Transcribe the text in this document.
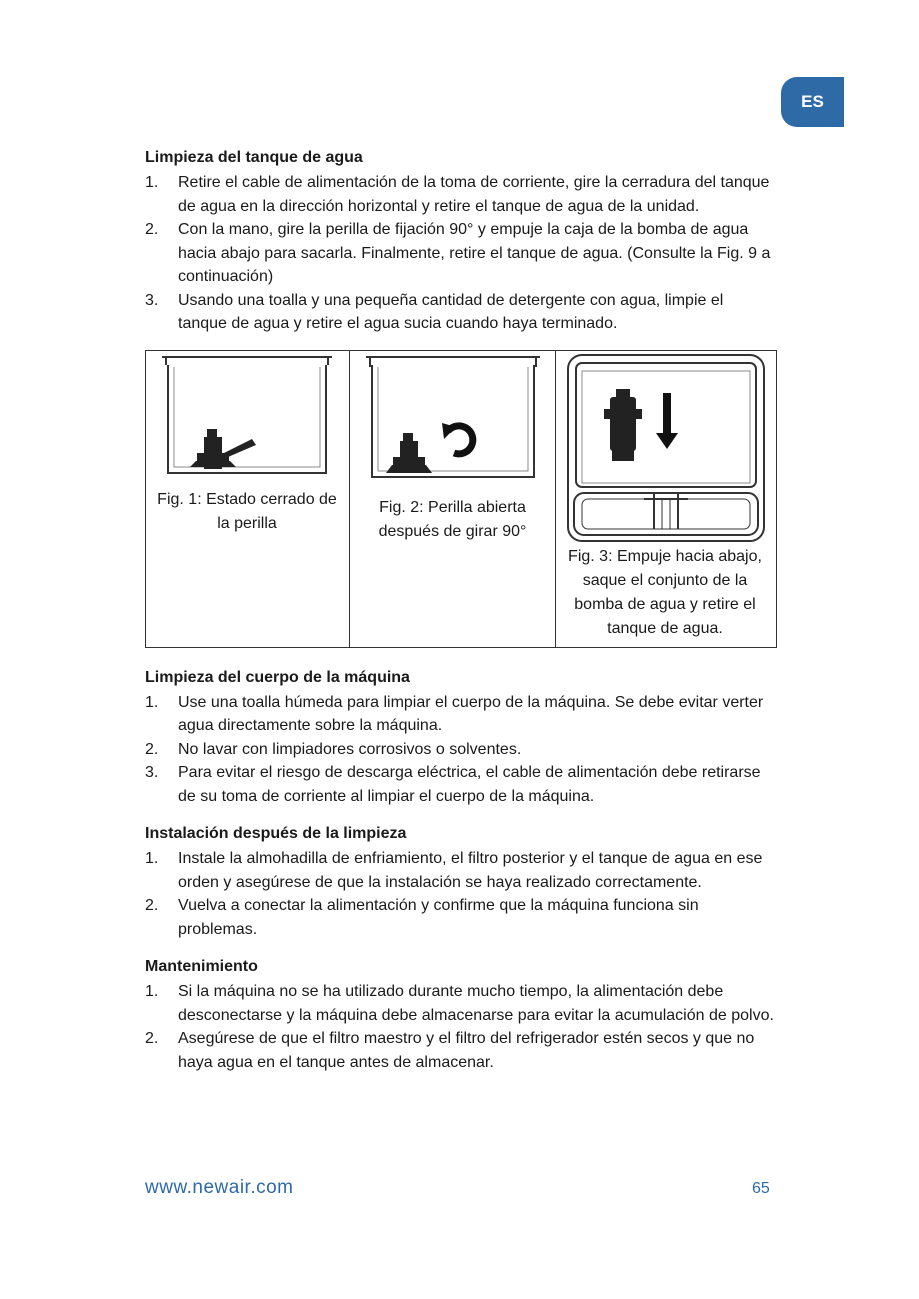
ES
Limpieza del tanque de agua
1. Retire el cable de alimentación de la toma de corriente, gire la cerradura del tanque de agua en la dirección horizontal y retire el tanque de agua de la unidad.
2. Con la mano, gire la perilla de fijación 90° y empuje la caja de la bomba de agua hacia abajo para sacarla. Finalmente, retire el tanque de agua. (Consulte la Fig. 9 a continuación)
3. Usando una toalla y una pequeña cantidad de detergente con agua, limpie el tanque de agua y retire el agua sucia cuando haya terminado.
Fig. 1: Estado cerrado de la perilla
Fig. 2: Perilla abierta después de girar 90°
Fig. 3: Empuje hacia abajo, saque el conjunto de la bomba de agua y retire el tanque de agua.
Limpieza del cuerpo de la máquina
1. Use una toalla húmeda para limpiar el cuerpo de la máquina. Se debe evitar verter agua directamente sobre la máquina.
2. No lavar con limpiadores corrosivos o solventes.
3. Para evitar el riesgo de descarga eléctrica, el cable de alimentación debe retirarse de su toma de corriente al limpiar el cuerpo de la máquina.
Instalación después de la limpieza
1. Instale la almohadilla de enfriamiento, el filtro posterior y el tanque de agua en ese orden y asegúrese de que la instalación se haya realizado correctamente.
2. Vuelva a conectar la alimentación y confirme que la máquina funciona sin problemas.
Mantenimiento
1. Si la máquina no se ha utilizado durante mucho tiempo, la alimentación debe desconectarse y la máquina debe almacenarse para evitar la acumulación de polvo.
2. Asegúrese de que el filtro maestro y el filtro del refrigerador estén secos y que no haya agua en el tanque antes de almacenar.
www.newair.com	65
